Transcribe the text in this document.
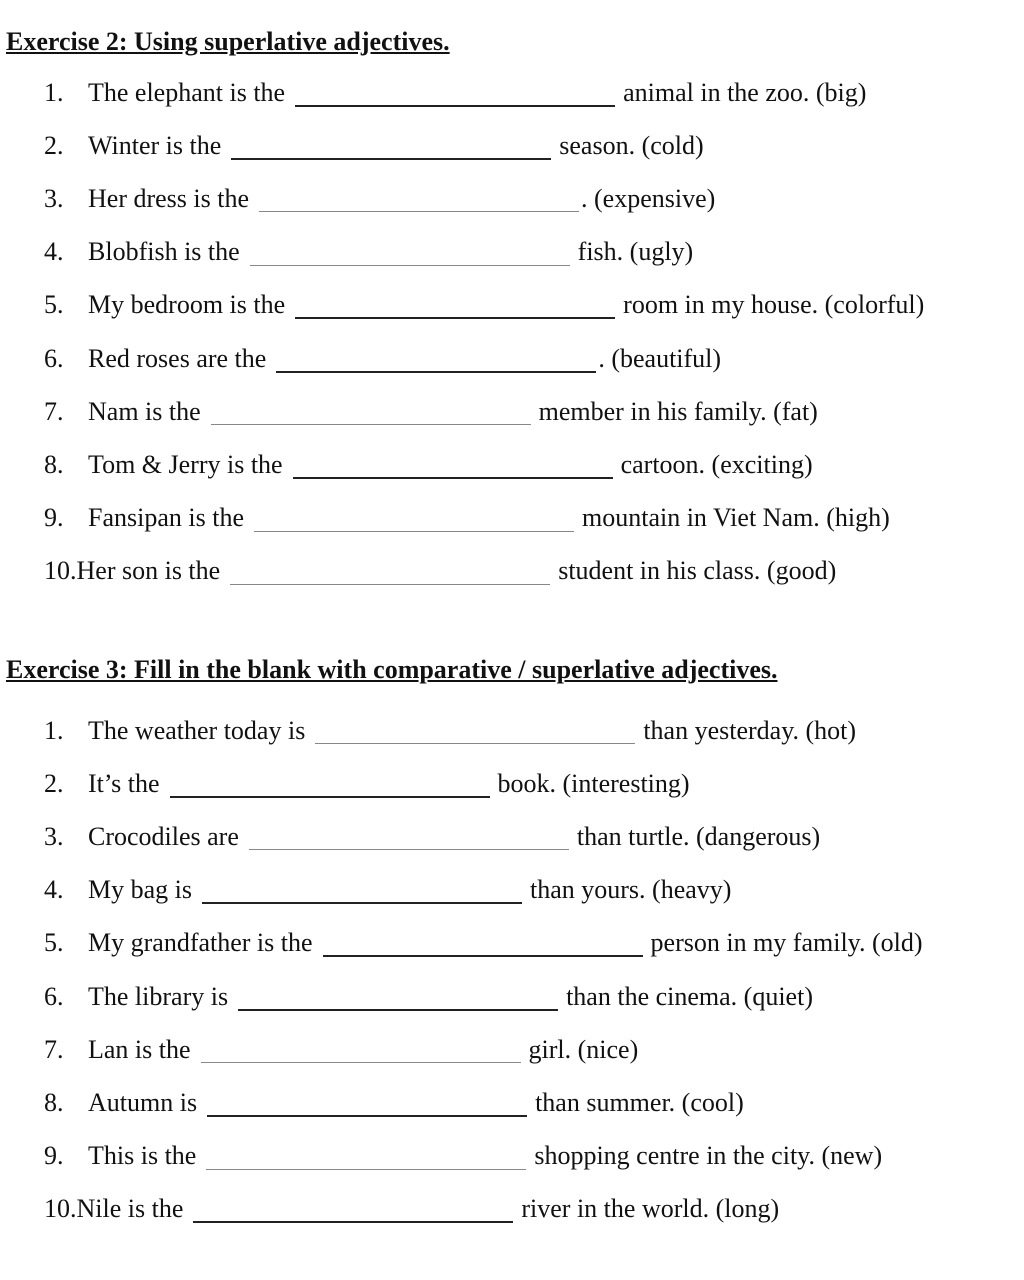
Exercise 2: Using superlative adjectives.
1. The elephant is the	animal in the zoo. (big)
2. Winter is the	season. (cold)
3. Her dress is the	. (expensive)
4. Blobfish is the	fish. (ugly)
5. My bedroom is the	room in my house. (colorful)
6. Red roses are the	. (beautiful)
7. Nam is the	member in his family. (fat)
8. Tom & Jerry is the	cartoon. (exciting)
9. Fansipan is the	mountain in Viet Nam. (high)
10. Her son is the	student in his class. (good)
Exercise 3: Fill in the blank with comparative / superlative adjectives.
1. The weather today is	than yesterday. (hot)
2. It’s the	book. (interesting)
3. Crocodiles are	than turtle. (dangerous)
4. My bag is	than yours. (heavy)
5. My grandfather is the	person in my family. (old)
6. The library is	than the cinema. (quiet)
7. Lan is the	girl. (nice)
8. Autumn is	than summer. (cool)
9. This is the	shopping centre in the city. (new)
10. Nile is the	river in the world. (long)
